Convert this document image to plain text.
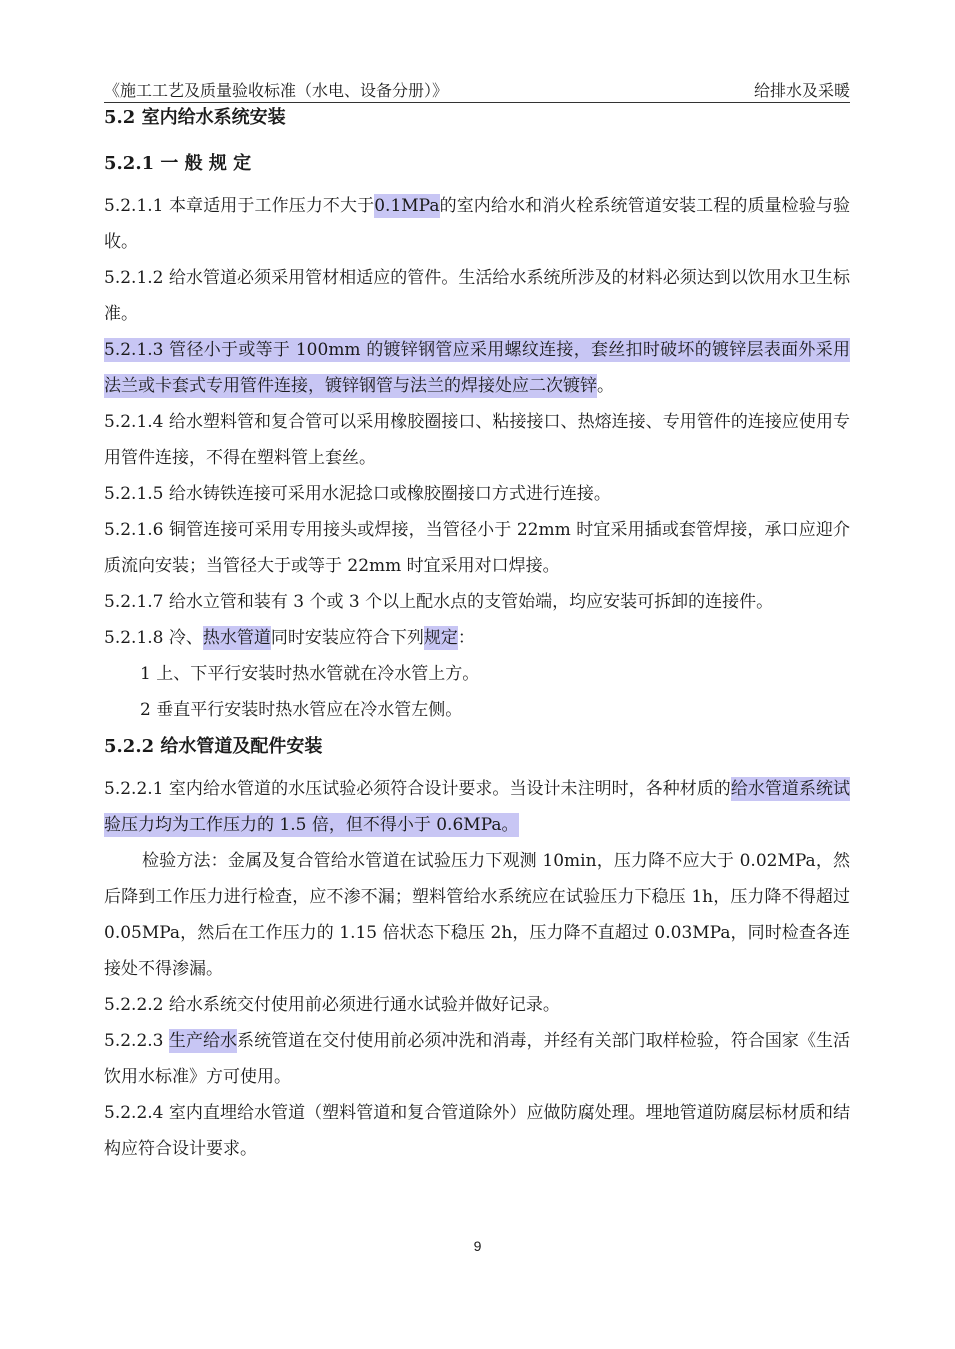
《施工工艺及质量验收标准（水电、设备分册）》	给排水及采暖
5.2 室内给水系统安装
5.2.1 一 般 规 定
5.2.1.1 本章适用于工作压力不大于0.1MPa的室内给水和消火栓系统管道安装工程的质量检验与验收。
5.2.1.2 给水管道必须采用管材相适应的管件。生活给水系统所涉及的材料必须达到以饮用水卫生标准。
5.2.1.3 管径小于或等于 100mm 的镀锌钢管应采用螺纹连接，套丝扣时破坏的镀锌层表面外采用法兰或卡套式专用管件连接，镀锌钢管与法兰的焊接处应二次镀锌。
5.2.1.4 给水塑料管和复合管可以采用橡胶圈接口、粘接接口、热熔连接、专用管件的连接应使用专用管件连接，不得在塑料管上套丝。
5.2.1.5 给水铸铁连接可采用水泥捻口或橡胶圈接口方式进行连接。
5.2.1.6 铜管连接可采用专用接头或焊接，当管径小于 22mm 时宜采用插或套管焊接，承口应迎介质流向安装；当管径大于或等于 22mm 时宜采用对口焊接。
5.2.1.7 给水立管和装有 3 个或 3 个以上配水点的支管始端，均应安装可拆卸的连接件。
5.2.1.8 冷、热水管道同时安装应符合下列规定：
1 上、下平行安装时热水管就在冷水管上方。
2 垂直平行安装时热水管应在冷水管左侧。
5.2.2 给水管道及配件安装
5.2.2.1 室内给水管道的水压试验必须符合设计要求。当设计未注明时，各种材质的给水管道系统试验压力均为工作压力的 1.5 倍，但不得小于 0.6MPa。
检验方法：金属及复合管给水管道在试验压力下观测 10min，压力降不应大于 0.02MPa，然后降到工作压力进行检查，应不渗不漏；塑料管给水系统应在试验压力下稳压 1h，压力降不得超过 0.05MPa，然后在工作压力的 1.15 倍状态下稳压 2h，压力降不直超过 0.03MPa，同时检查各连接处不得渗漏。
5.2.2.2 给水系统交付使用前必须进行通水试验并做好记录。
5.2.2.3 生产给水系统管道在交付使用前必须冲洗和消毒，并经有关部门取样检验，符合国家《生活饮用水标准》方可使用。
5.2.2.4 室内直埋给水管道（塑料管道和复合管道除外）应做防腐处理。埋地管道防腐层标材质和结构应符合设计要求。
9
